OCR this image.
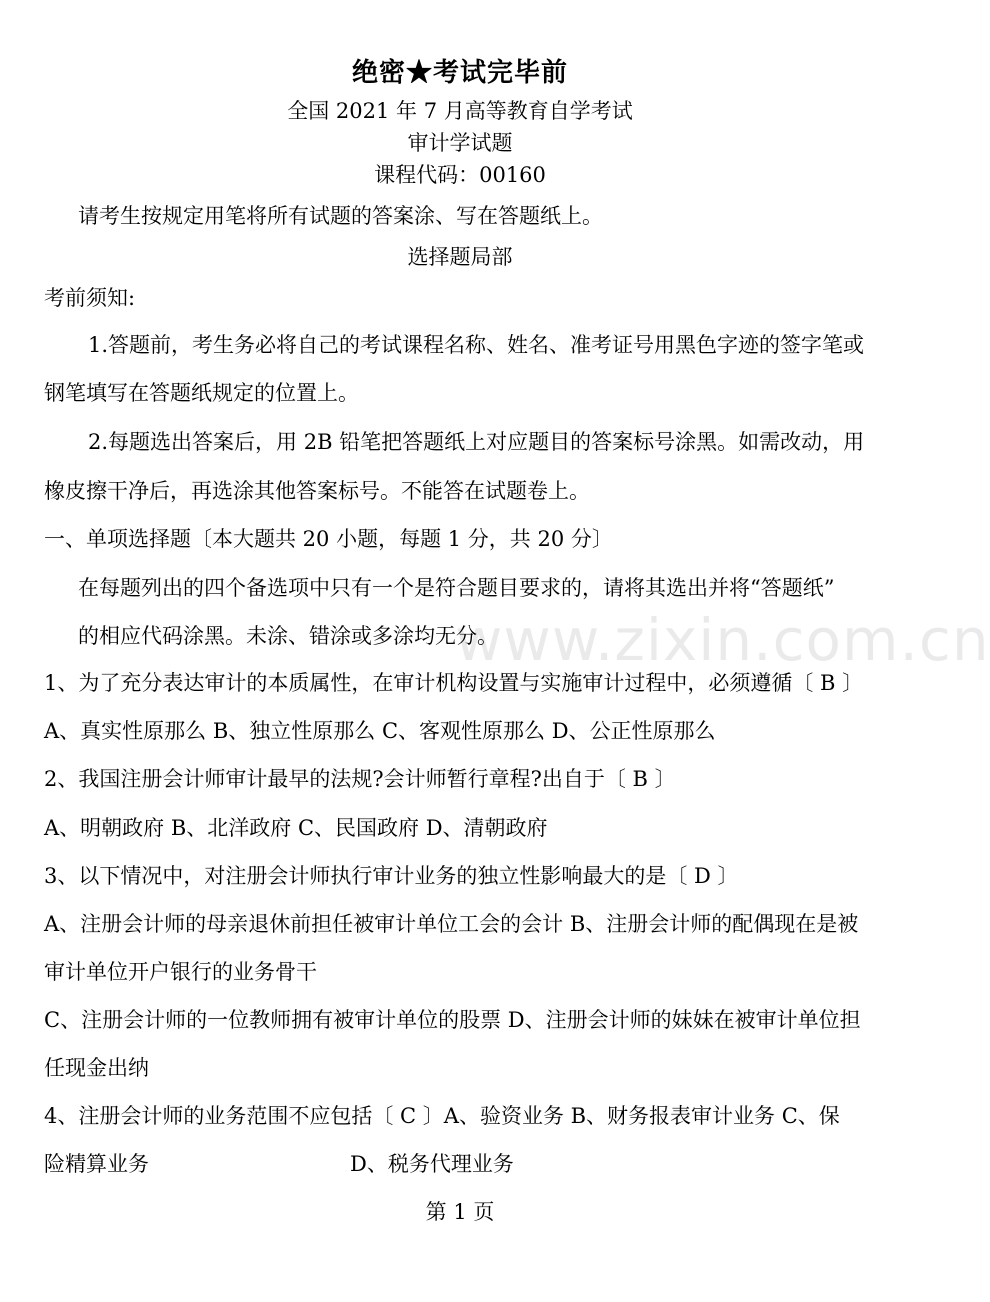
绝密★考试完毕前
全国 2021 年 7 月高等教育自学考试
审计学试题
课程代码：00160
请考生按规定用笔将所有试题的答案涂、写在答题纸上。
选择题局部
考前须知:
1.答题前，考生务必将自己的考试课程名称、姓名、准考证号用黑色字迹的签字笔或
钢笔填写在答题纸规定的位置上。
2.每题选出答案后，用 2B 铅笔把答题纸上对应题目的答案标号涂黑。如需改动，用
橡皮擦干净后，再选涂其他答案标号。不能答在试题卷上。
一、单项选择题〔本大题共 20 小题，每题 1 分，共 20 分〕
在每题列出的四个备选项中只有一个是符合题目要求的，请将其选出并将“答题纸”
的相应代码涂黑。未涂、错涂或多涂均无分。
www.zixin.com.cn
1、为了充分表达审计的本质属性，在审计机构设置与实施审计过程中，必须遵循〔 B 〕
A、真实性原那么 B、独立性原那么 C、客观性原那么 D、公正性原那么
2、我国注册会计师审计最早的法规?会计师暂行章程?出自于〔 B 〕
A、明朝政府 B、北洋政府 C、民国政府 D、清朝政府
3、以下情况中，对注册会计师执行审计业务的独立性影响最大的是〔 D 〕
A、注册会计师的母亲退休前担任被审计单位工会的会计 B、注册会计师的配偶现在是被
审计单位开户银行的业务骨干
C、注册会计师的一位教师拥有被审计单位的股票 D、注册会计师的妹妹在被审计单位担
任现金出纳
4、注册会计师的业务范围不应包括〔 C 〕A、验资业务 B、财务报表审计业务 C、保
险精算业务	D、税务代理业务
第 1 页
